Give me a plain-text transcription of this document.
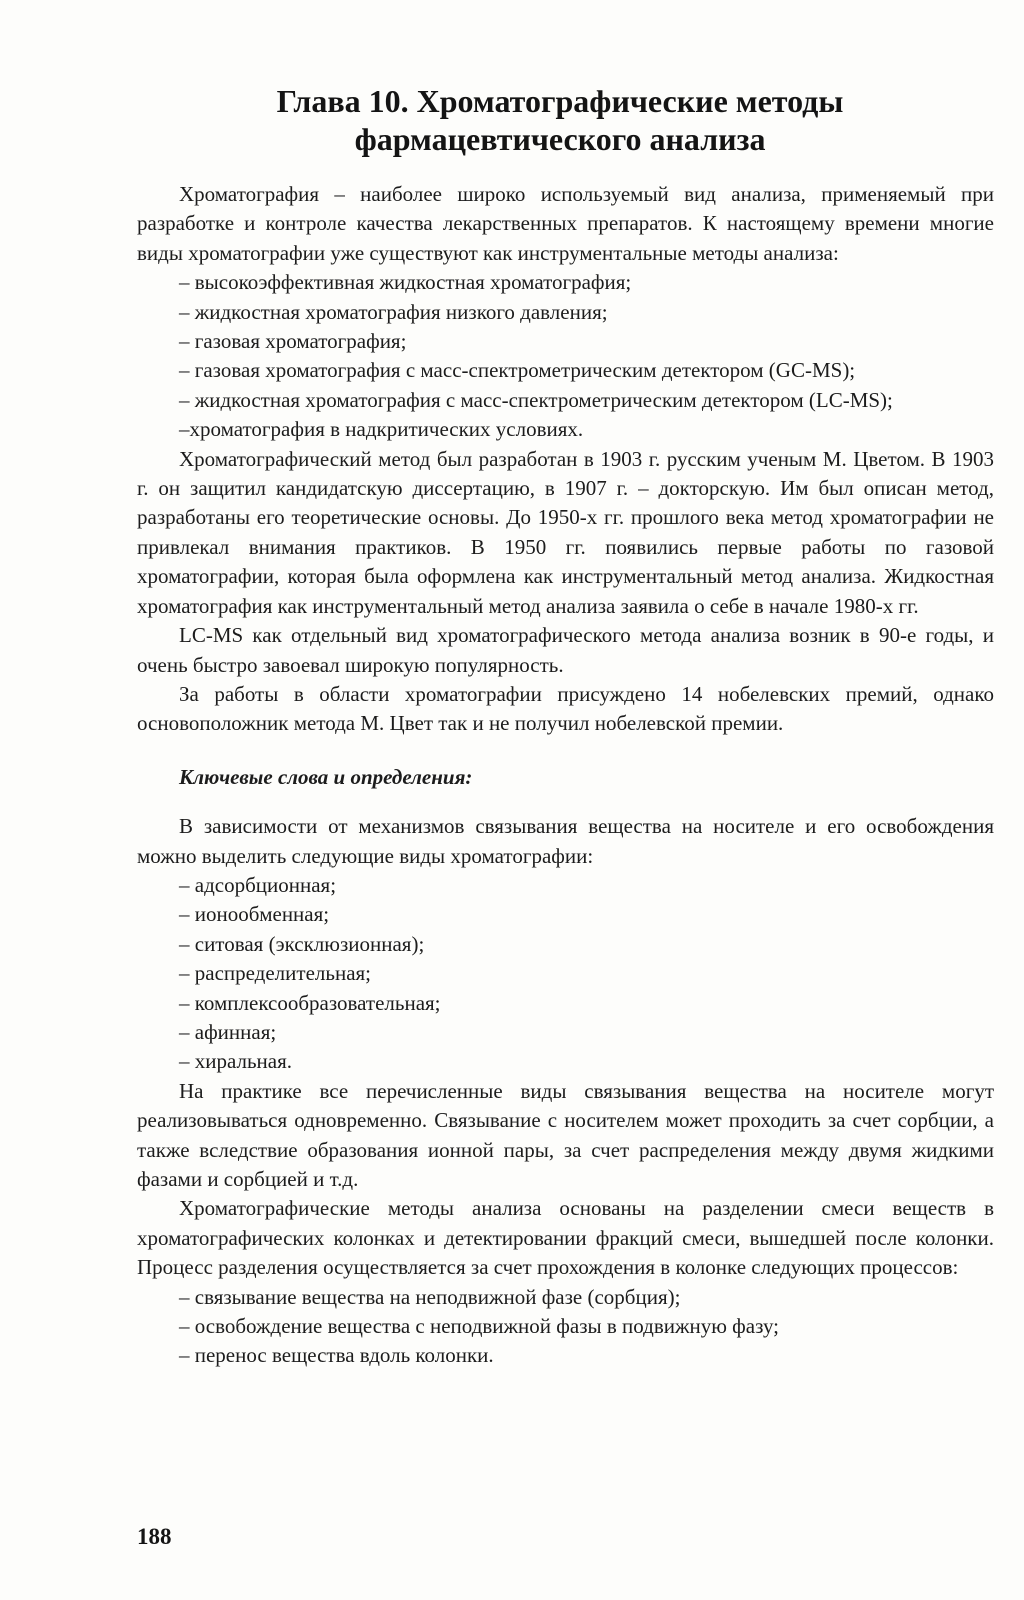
Глава 10. Хроматографические методы
фармацевтического анализа

Хроматография – наиболее широко используемый вид анализа, применяемый при разработке и контроле качества лекарственных препаратов. К настоящему времени многие виды хроматографии уже существуют как инструментальные методы анализа:

– высокоэффективная жидкостная хроматография;

– жидкостная хроматография низкого давления;

– газовая хроматография;

– газовая хроматография с масс-спектрометрическим детектором (GC-MS);

– жидкостная хроматография с масс-спектрометрическим детектором (LC-MS);

–хроматография в надкритических условиях.

Хроматографический метод был разработан в 1903 г. русским ученым М. Цветом. В 1903 г. он защитил кандидатскую диссертацию, в 1907 г. – докторскую. Им был описан метод, разработаны его теоретические основы. До 1950-х гг. прошлого века метод хроматографии не привлекал внимания практиков. В 1950 гг. появились первые работы по газовой хроматографии, которая была оформлена как инструментальный метод анализа. Жидкостная хроматография как инструментальный метод анализа заявила о себе в начале 1980-х гг.

LC-MS как отдельный вид хроматографического метода анализа возник в 90-е годы, и очень быстро завоевал широкую популярность.

За работы в области хроматографии присуждено 14 нобелевских премий, однако основоположник метода М. Цвет так и не получил нобелевской премии.

Ключевые слова и определения:

В зависимости от механизмов связывания вещества на носителе и его освобождения можно выделить следующие виды хроматографии:

– адсорбционная;

– ионообменная;

– ситовая (эксклюзионная);

– распределительная;

– комплексообразовательная;

– афинная;

– хиральная.

На практике все перечисленные виды связывания вещества на носителе могут реализовываться одновременно. Связывание с носителем может проходить за счет сорбции, а также вследствие образования ионной пары, за счет распределения между двумя жидкими фазами и сорбцией и т.д.

Хроматографические методы анализа основаны на разделении смеси веществ в хроматографических колонках и детектировании фракций смеси, вышедшей после колонки. Процесс разделения осуществляется за счет прохождения в колонке следующих процессов:

– связывание вещества на неподвижной фазе (сорбция);

– освобождение вещества с неподвижной фазы в подвижную фазу;

– перенос вещества вдоль колонки.

188
